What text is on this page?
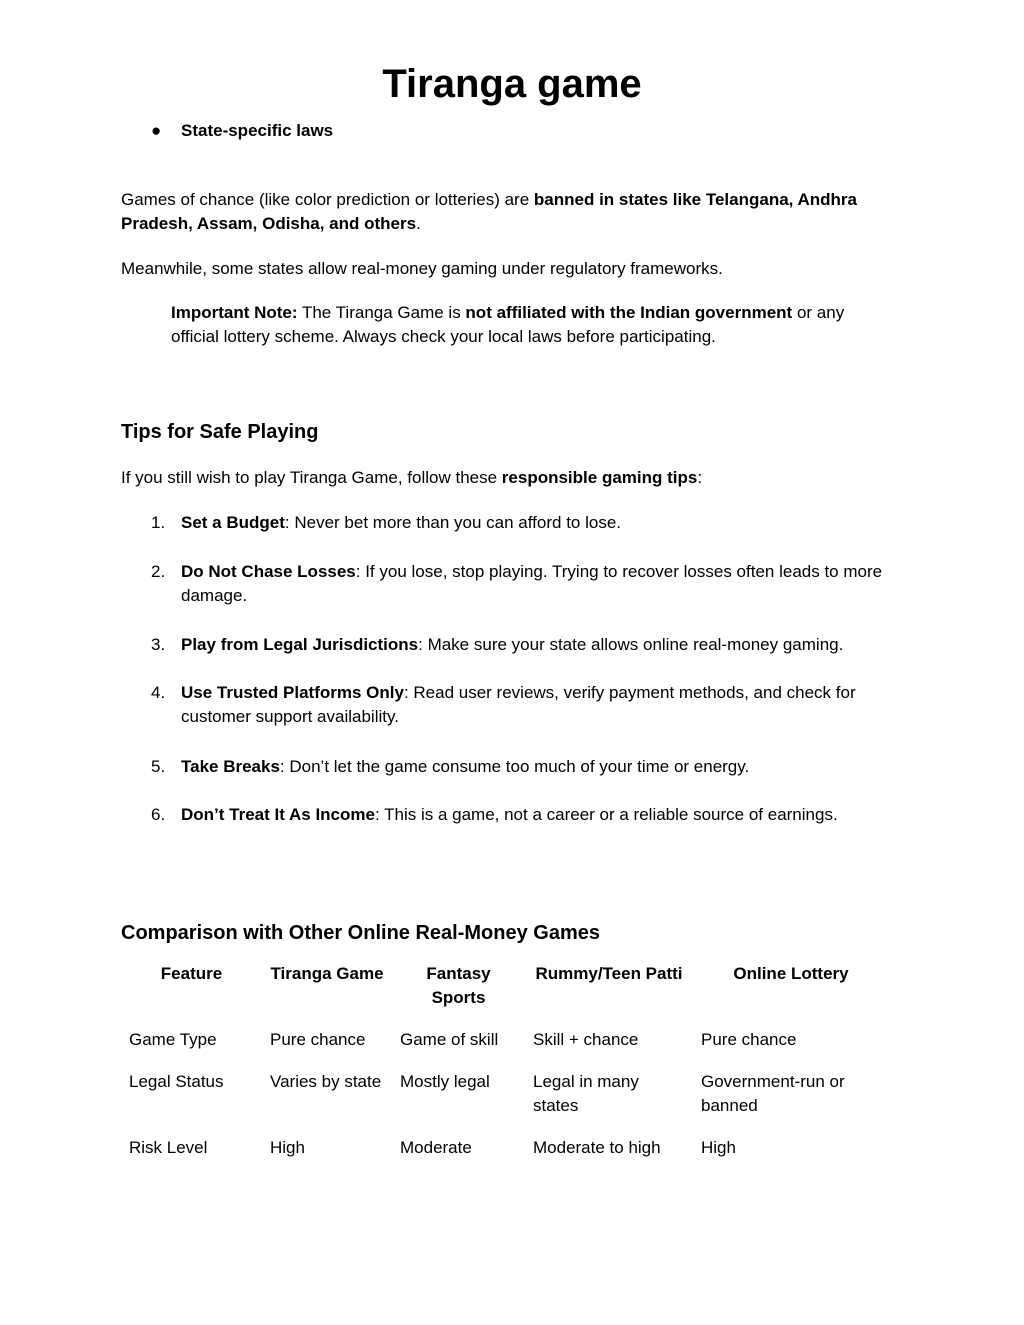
Tiranga game
● State-specific laws

Games of chance (like color prediction or lotteries) are banned in states like Telangana, Andhra Pradesh, Assam, Odisha, and others.

Meanwhile, some states allow real-money gaming under regulatory frameworks.

Important Note: The Tiranga Game is not affiliated with the Indian government or any official lottery scheme. Always check your local laws before participating.

Tips for Safe Playing

If you still wish to play Tiranga Game, follow these responsible gaming tips:

1. Set a Budget: Never bet more than you can afford to lose.
2. Do Not Chase Losses: If you lose, stop playing. Trying to recover losses often leads to more damage.
3. Play from Legal Jurisdictions: Make sure your state allows online real-money gaming.
4. Use Trusted Platforms Only: Read user reviews, verify payment methods, and check for customer support availability.
5. Take Breaks: Don’t let the game consume too much of your time or energy.
6. Don’t Treat It As Income: This is a game, not a career or a reliable source of earnings.
Comparison with Other Online Real-Money Games
Feature	Tiranga Game	Fantasy Sports	Rummy/Teen Patti	Online Lottery
Game Type	Pure chance	Game of skill	Skill + chance	Pure chance
Legal Status	Varies by state	Mostly legal	Legal in many states	Government-run or banned
Risk Level	High	Moderate	Moderate to high	High
